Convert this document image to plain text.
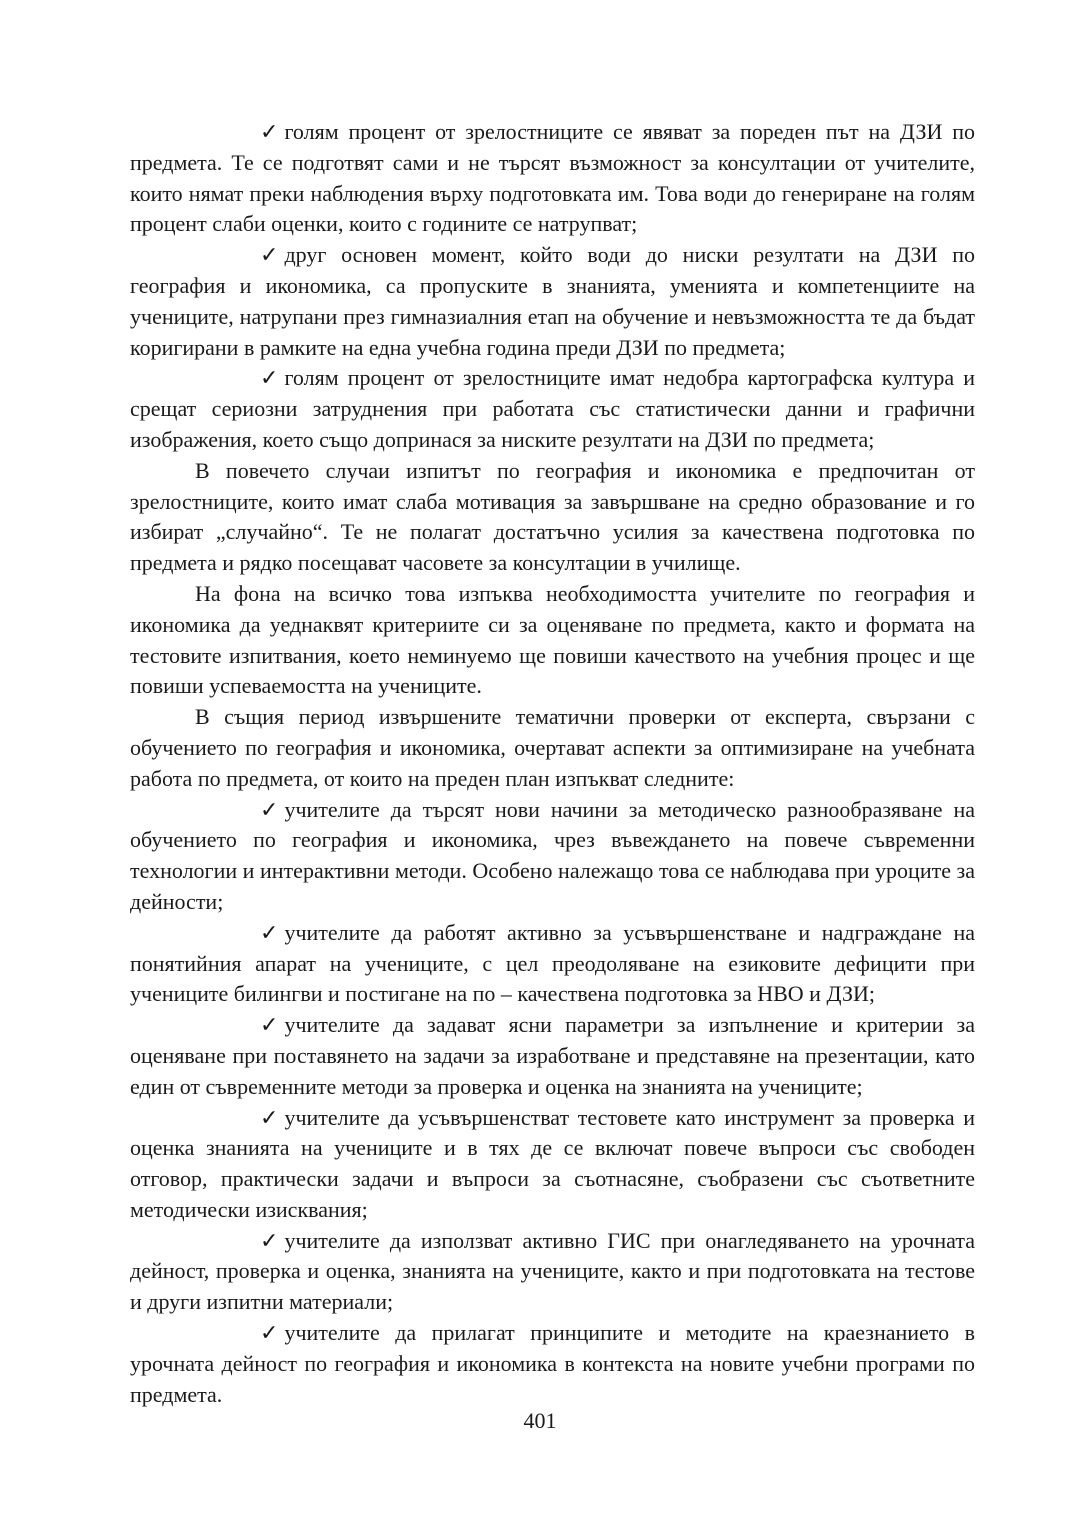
✓ голям процент от зрелостниците се явяват за пореден път на ДЗИ по предмета. Те се подготвят сами и не търсят възможност за консултации от учителите, които нямат преки наблюдения върху подготовката им. Това води до генериране на голям процент слаби оценки, които с годините се натрупват;

✓ друг основен момент, който води до ниски резултати на ДЗИ по география и икономика, са пропуските в знанията, уменията и компетенциите на учениците, натрупани през гимназиалния етап на обучение и невъзможността те да бъдат коригирани в рамките на една учебна година преди ДЗИ по предмета;

✓ голям процент от зрелостниците имат недобра картографска култура и срещат сериозни затруднения при работата със статистически данни и графични изображения, което също допринася за ниските резултати на ДЗИ по предмета;

В повечето случаи изпитът по география и икономика е предпочитан от зрелостниците, които имат слаба мотивация за завършване на средно образование и го избират „случайно“. Те не полагат достатъчно усилия за качествена подготовка по предмета и рядко посещават часовете за консултации в училище.

На фона на всичко това изпъква необходимостта учителите по география и икономика да уеднаквят критериите си за оценяване по предмета, както и формата на тестовите изпитвания, което неминуемо ще повиши качеството на учебния процес и ще повиши успеваемостта на учениците.

В същия период извършените тематични проверки от експерта, свързани с обучението по география и икономика, очертават аспекти за оптимизиране на учебната работа по предмета, от които на преден план изпъкват следните:

✓ учителите да търсят нови начини за методическо разнообразяване на обучението по география и икономика, чрез въвеждането на повече съвременни технологии и интерактивни методи. Особено належащо това се наблюдава при уроците за дейности;

✓ учителите да работят активно за усъвършенстване и надграждане на понятийния апарат на учениците, с цел преодоляване на езиковите дефицити при учениците билингви и постигане на по – качествена подготовка за НВО и ДЗИ;

✓ учителите да задават ясни параметри за изпълнение и критерии за оценяване при поставянето на задачи за изработване и представяне на презентации, като един от съвременните методи за проверка и оценка на знанията на учениците;

✓ учителите да усъвършенстват тестовете като инструмент за проверка и оценка знанията на учениците и в тях де се включат повече въпроси със свободен отговор, практически задачи и въпроси за съотнасяне, съобразени със съответните методически изисквания;

✓ учителите да използват активно ГИС при онагледяването на урочната дейност, проверка и оценка, знанията на учениците, както и при подготовката на тестове и други изпитни материали;

✓ учителите да прилагат принципите и методите на краезнанието в урочната дейност по география и икономика в контекста на новите учебни програми по предмета.

401
